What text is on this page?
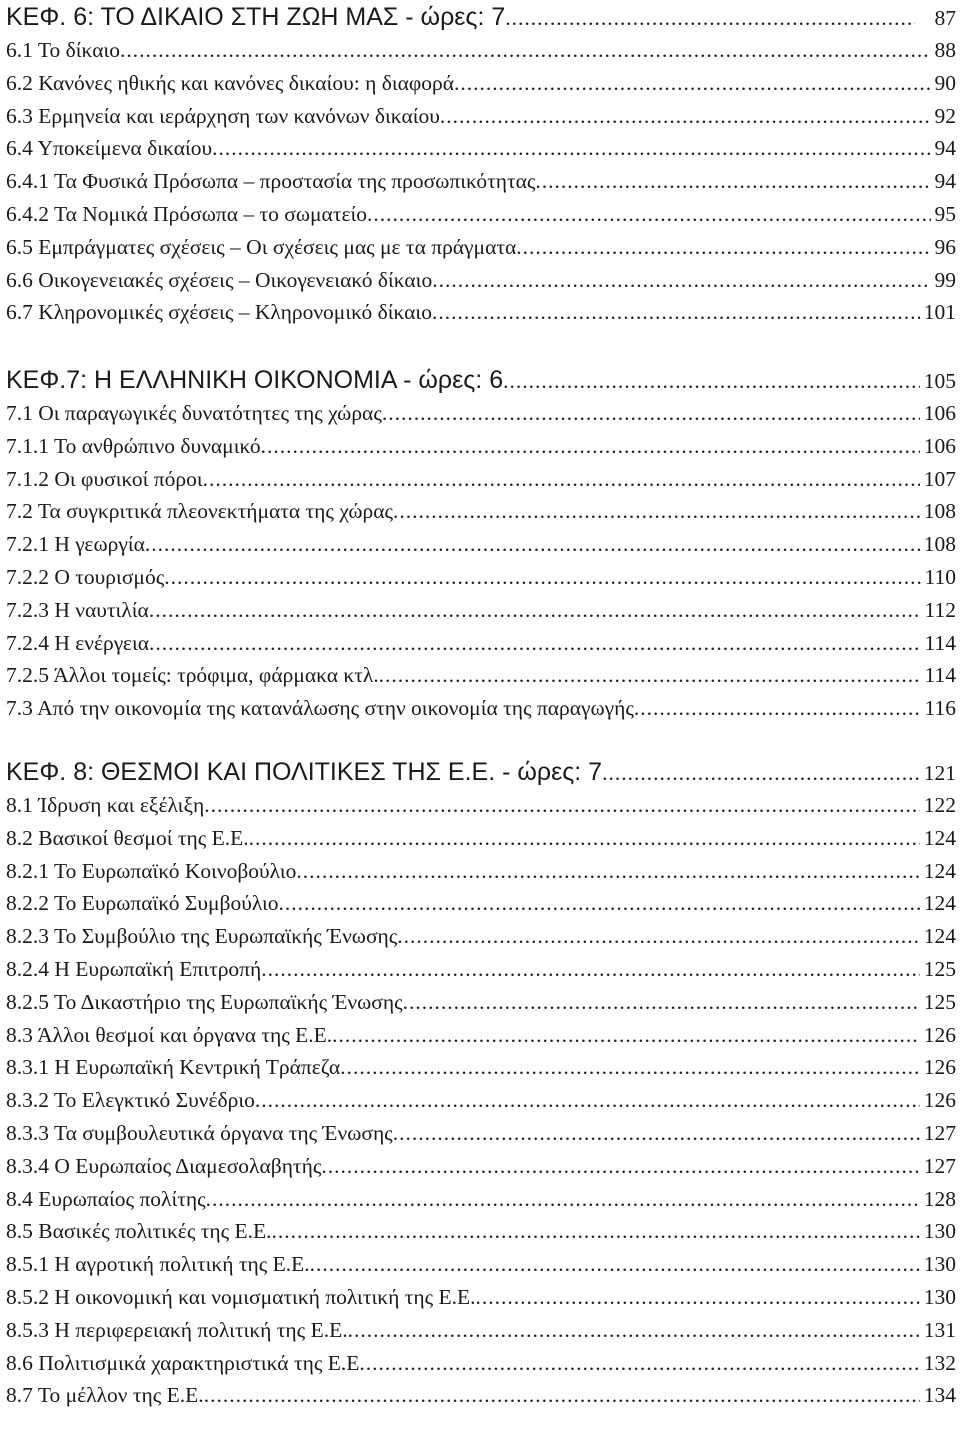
ΚΕΦ. 6: ΤΟ ΔΙΚΑΙΟ ΣΤΗ ΖΩΗ ΜΑΣ - ώρες: 7 .....	87
6.1 Το δίκαιο .....	88
6.2 Κανόνες ηθικής και κανόνες δικαίου: η διαφορά .....	90
6.3 Ερμηνεία και ιεράρχηση των κανόνων δικαίου .....	92
6.4 Υποκείμενα δικαίου .....	94
6.4.1 Τα Φυσικά Πρόσωπα – προστασία της προσωπικότητας .....	94
6.4.2 Τα Νομικά Πρόσωπα – το σωματείο .....	95
6.5 Εμπράγματες σχέσεις – Οι σχέσεις μας με τα πράγματα .....	96
6.6 Οικογενειακές σχέσεις – Οικογενειακό δίκαιο .....	99
6.7 Κληρονομικές σχέσεις – Κληρονομικό δίκαιο .....	101
ΚΕΦ.7: Η ΕΛΛΗΝΙΚΗ ΟΙΚΟΝΟΜΙΑ - ώρες: 6 .....	105
7.1 Οι παραγωγικές δυνατότητες της χώρας .....	106
7.1.1 Το ανθρώπινο δυναμικό .....	106
7.1.2 Οι φυσικοί πόροι .....	107
7.2 Τα συγκριτικά πλεονεκτήματα της χώρας .....	108
7.2.1 Η γεωργία .....	108
7.2.2 Ο τουρισμός .....	110
7.2.3 Η ναυτιλία .....	112
7.2.4 Η ενέργεια .....	114
7.2.5 Άλλοι τομείς: τρόφιμα, φάρμακα κτλ. .....	114
7.3 Από την οικονομία της κατανάλωσης στην οικονομία της παραγωγής .....	116
ΚΕΦ. 8: ΘΕΣΜΟΙ ΚΑΙ ΠΟΛΙΤΙΚΕΣ ΤΗΣ Ε.Ε. - ώρες: 7 .....	121
8.1 Ίδρυση και εξέλιξη .....	122
8.2 Βασικοί θεσμοί της Ε.Ε. .....	124
8.2.1 Το Ευρωπαϊκό Κοινοβούλιο .....	124
8.2.2 Το Ευρωπαϊκό Συμβούλιο .....	124
8.2.3 Το Συμβούλιο της Ευρωπαϊκής Ένωσης .....	124
8.2.4 Η Ευρωπαϊκή Επιτροπή .....	125
8.2.5 Το Δικαστήριο της Ευρωπαϊκής Ένωσης .....	125
8.3 Άλλοι θεσμοί και όργανα της Ε.Ε. .....	126
8.3.1 Η Ευρωπαϊκή Κεντρική Τράπεζα .....	126
8.3.2 Το Ελεγκτικό Συνέδριο .....	126
8.3.3 Τα συμβουλευτικά όργανα της Ένωσης .....	127
8.3.4 Ο Ευρωπαίος Διαμεσολαβητής .....	127
8.4 Ευρωπαίος πολίτης .....	128
8.5 Βασικές πολιτικές της Ε.Ε. .....	130
8.5.1 Η αγροτική πολιτική της Ε.Ε. .....	130
8.5.2 Η οικονομική και νομισματική πολιτική της Ε.Ε. .....	130
8.5.3 Η περιφερειακή πολιτική της Ε.Ε. .....	131
8.6 Πολιτισμικά χαρακτηριστικά της Ε.Ε .....	132
8.7 Το μέλλον της Ε.Ε. .....	134
